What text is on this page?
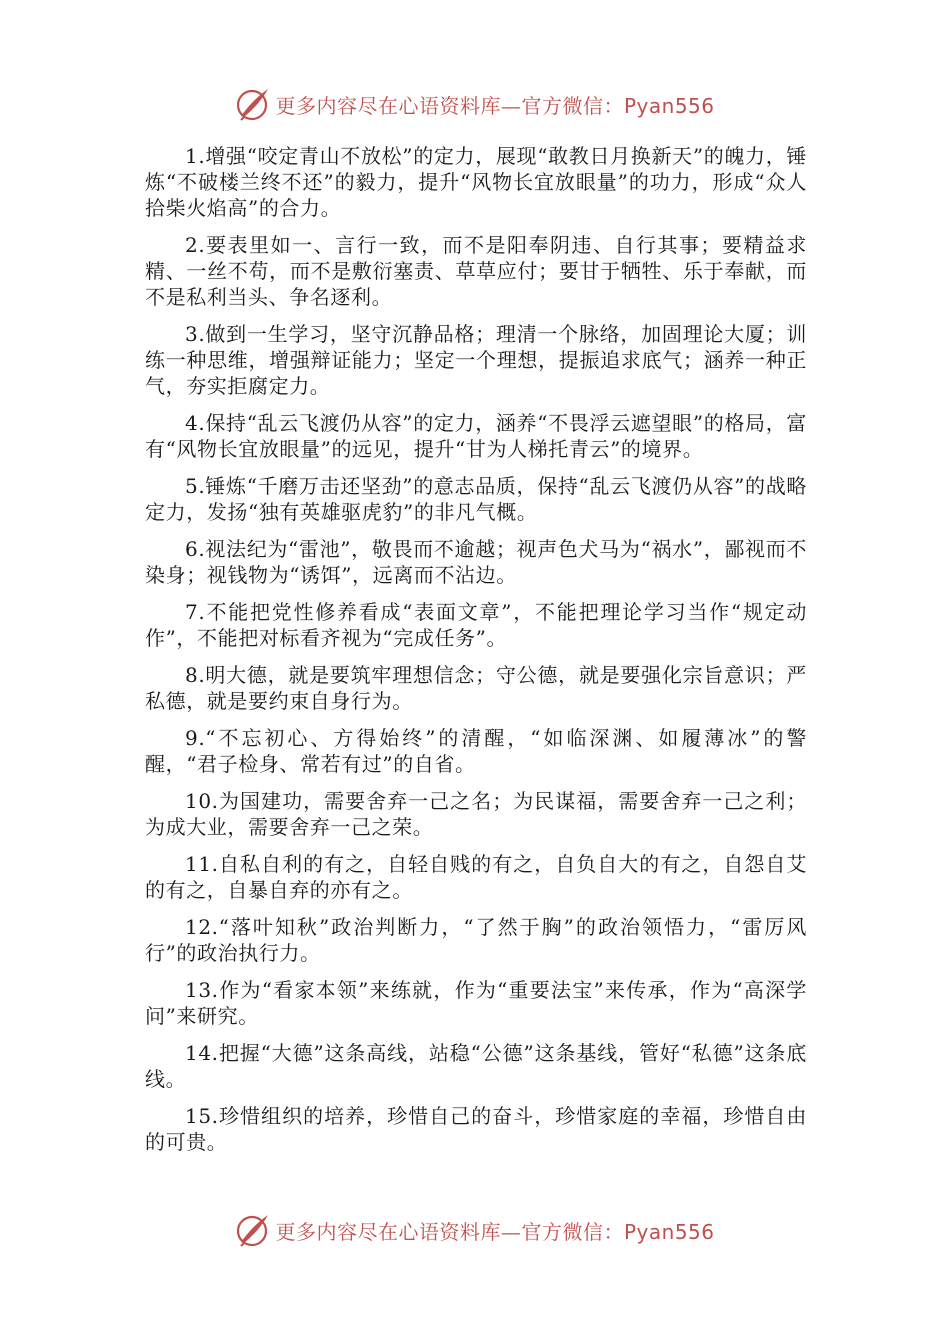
更多内容尽在心语资料库—官方微信：Pyan556

1.增强“咬定青山不放松”的定力，展现“敢教日月换新天”的魄力，锤炼“不破楼兰终不还”的毅力，提升“风物长宜放眼量”的功力，形成“众人拾柴火焰高”的合力。

2.要表里如一、言行一致，而不是阳奉阴违、自行其事；要精益求精、一丝不苟，而不是敷衍塞责、草草应付；要甘于牺牲、乐于奉献，而不是私利当头、争名逐利。

3.做到一生学习，坚守沉静品格；理清一个脉络，加固理论大厦；训练一种思维，增强辩证能力；坚定一个理想，提振追求底气；涵养一种正气，夯实拒腐定力。

4.保持“乱云飞渡仍从容”的定力，涵养“不畏浮云遮望眼”的格局，富有“风物长宜放眼量”的远见，提升“甘为人梯托青云”的境界。

5.锤炼“千磨万击还坚劲”的意志品质，保持“乱云飞渡仍从容”的战略定力，发扬“独有英雄驱虎豹”的非凡气概。

6.视法纪为“雷池”，敬畏而不逾越；视声色犬马为“祸水”，鄙视而不染身；视钱物为“诱饵”，远离而不沾边。

7.不能把党性修养看成“表面文章”，不能把理论学习当作“规定动作”，不能把对标看齐视为“完成任务”。

8.明大德，就是要筑牢理想信念；守公德，就是要强化宗旨意识；严私德，就是要约束自身行为。

9.“不忘初心、方得始终”的清醒，“如临深渊、如履薄冰”的警醒，“君子检身、常若有过”的自省。

10.为国建功，需要舍弃一己之名；为民谋福，需要舍弃一己之利；为成大业，需要舍弃一己之荣。

11.自私自利的有之，自轻自贱的有之，自负自大的有之，自怨自艾的有之，自暴自弃的亦有之。

12.“落叶知秋”政治判断力，“了然于胸”的政治领悟力，“雷厉风行”的政治执行力。

13.作为“看家本领”来练就，作为“重要法宝”来传承，作为“高深学问”来研究。

14.把握“大德”这条高线，站稳“公德”这条基线，管好“私德”这条底线。

15.珍惜组织的培养，珍惜自己的奋斗，珍惜家庭的幸福，珍惜自由的可贵。

更多内容尽在心语资料库—官方微信：Pyan556
